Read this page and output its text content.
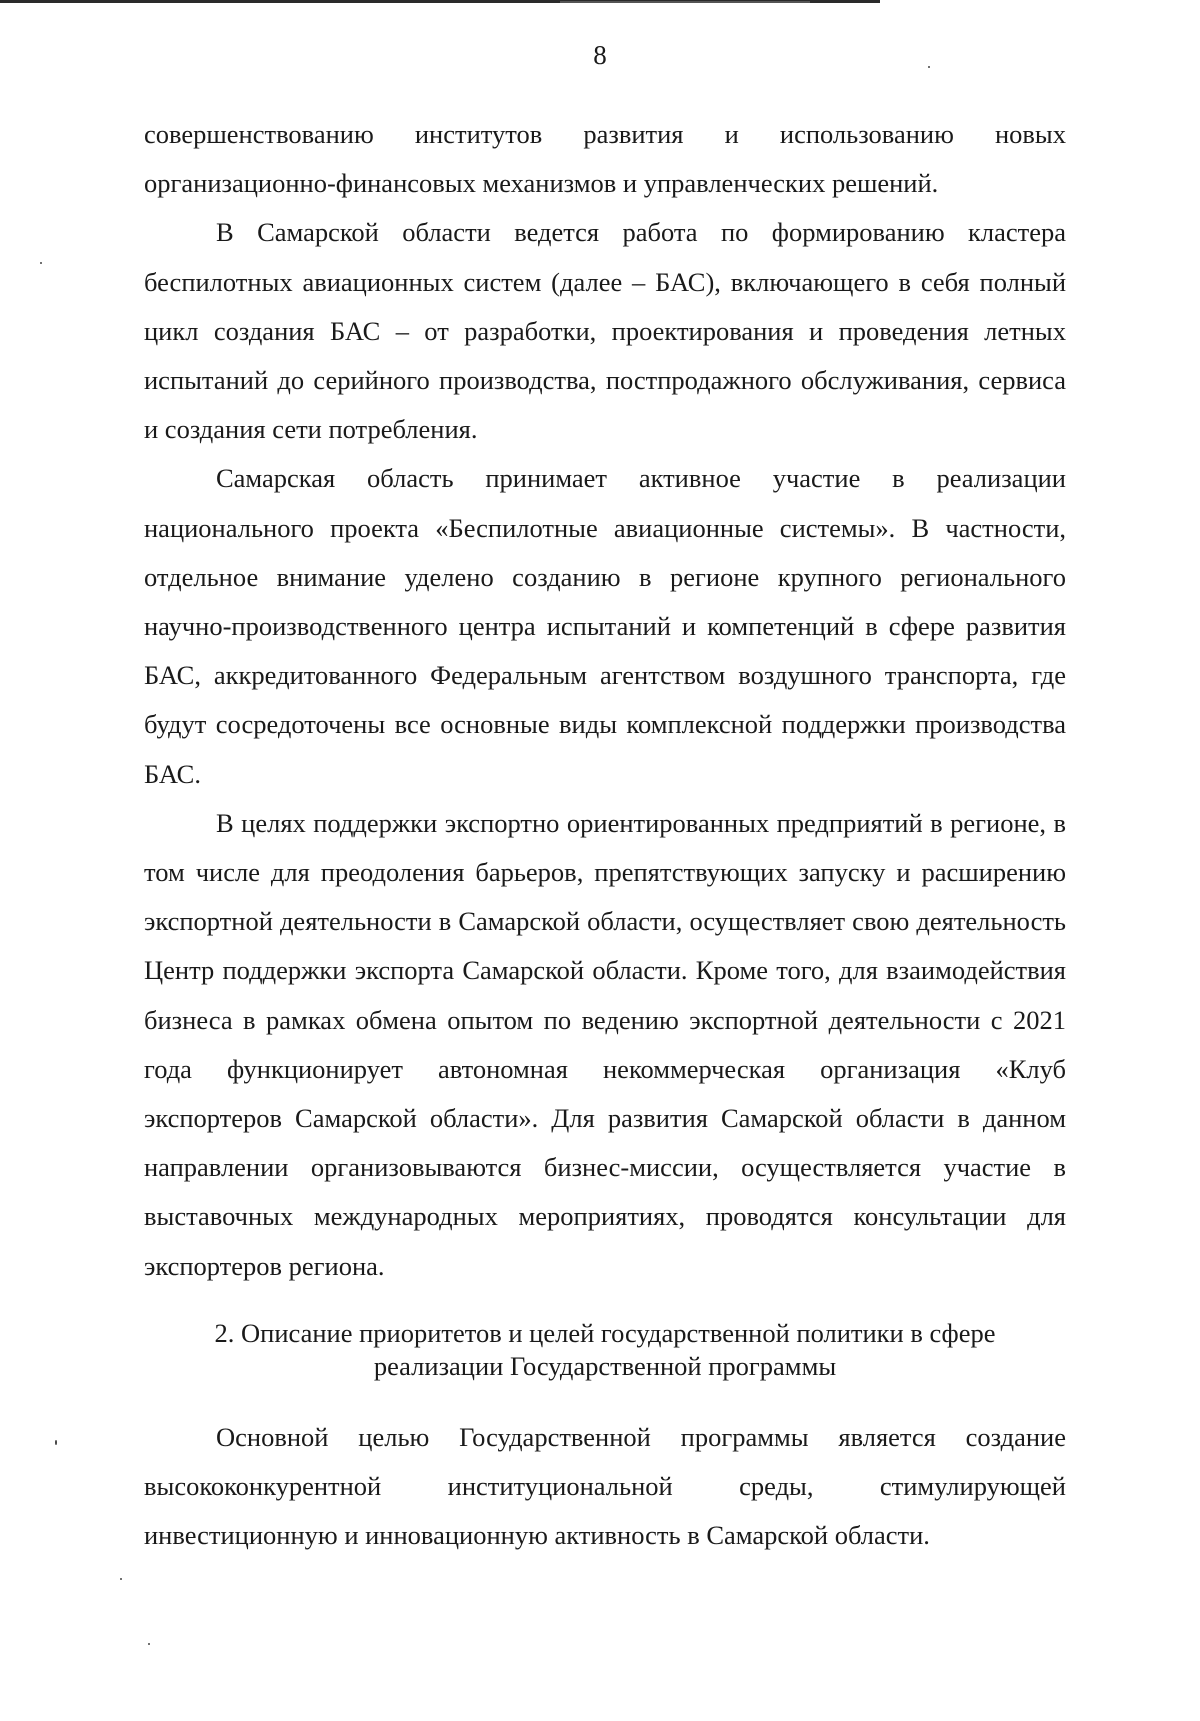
8

совершенствованию институтов развития и использованию новых организационно-финансовых механизмов и управленческих решений.

В Самарской области ведется работа по формированию кластера беспилотных авиационных систем (далее – БАС), включающего в себя полный цикл создания БАС – от разработки, проектирования и проведения летных испытаний до серийного производства, постпродажного обслуживания, сервиса и создания сети потребления.

Самарская область принимает активное участие в реализации национального проекта «Беспилотные авиационные системы». В частности, отдельное внимание уделено созданию в регионе крупного регионального научно-производственного центра испытаний и компетенций в сфере развития БАС, аккредитованного Федеральным агентством воздушного транспорта, где будут сосредоточены все основные виды комплексной поддержки производства БАС.

В целях поддержки экспортно ориентированных предприятий в регионе, в том числе для преодоления барьеров, препятствующих запуску и расширению экспортной деятельности в Самарской области, осуществляет свою деятельность Центр поддержки экспорта Самарской области. Кроме того, для взаимодействия бизнеса в рамках обмена опытом по ведению экспортной деятельности с 2021 года функционирует автономная некоммерческая организация «Клуб экспортеров Самарской области». Для развития Самарской области в данном направлении организовываются бизнес-миссии, осуществляется участие в выставочных международных мероприятиях, проводятся консультации для экспортеров региона.

2. Описание приоритетов и целей государственной политики в сфере
реализации Государственной программы

Основной целью Государственной программы является создание высококонкурентной институциональной среды, стимулирующей инвестиционную и инновационную активность в Самарской области.
